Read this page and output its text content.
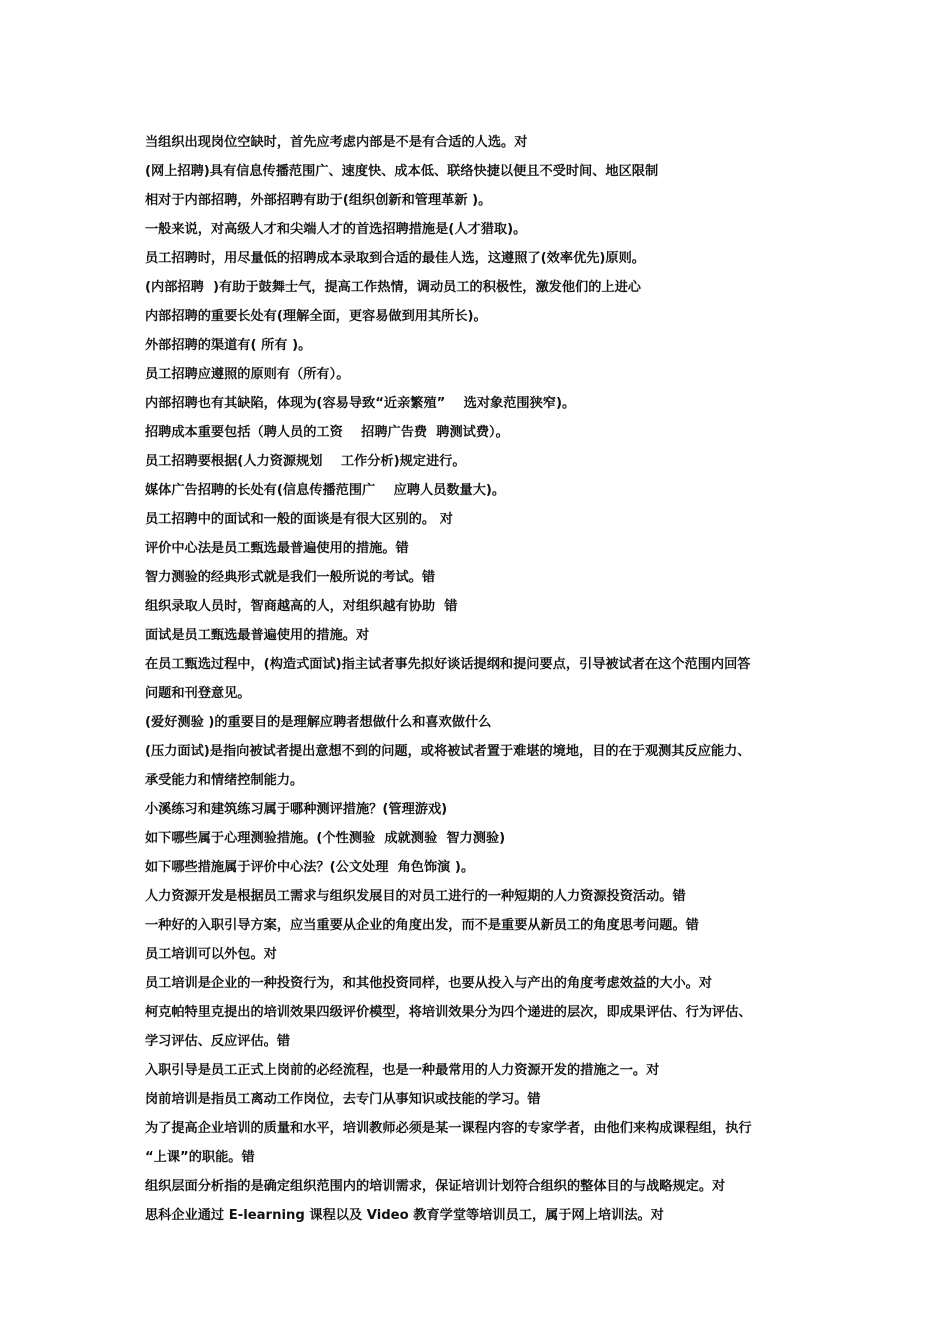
当组织出现岗位空缺时，首先应考虑内部是不是有合适的人选。对
(网上招聘)具有信息传播范围广、速度快、成本低、联络快捷以便且不受时间、地区限制
相对于内部招聘，外部招聘有助于(组织创新和管理革新 )。
一般来说，对高级人才和尖端人才的首选招聘措施是(人才猎取)。
员工招聘时，用尽量低的招聘成本录取到合适的最佳人选，这遵照了(效率优先)原则。
(内部招聘  )有助于鼓舞士气，提高工作热情，调动员工的积极性，激发他们的上进心
内部招聘的重要长处有(理解全面，更容易做到用其所长)。
外部招聘的渠道有( 所有 )。
员工招聘应遵照的原则有（所有）。
内部招聘也有其缺陷，体现为(容易导致“近亲繁殖”    选对象范围狭窄)。
招聘成本重要包括（聘人员的工资    招聘广告费  聘测试费）。
员工招聘要根据(人力资源规划    工作分析)规定进行。
媒体广告招聘的长处有(信息传播范围广    应聘人员数量大)。
员工招聘中的面试和一般的面谈是有很大区别的。 对
评价中心法是员工甄选最普遍使用的措施。错
智力测验的经典形式就是我们一般所说的考试。错
组织录取人员时，智商越高的人，对组织越有协助  错
面试是员工甄选最普遍使用的措施。对
在员工甄选过程中，(构造式面试)指主试者事先拟好谈话提纲和提问要点，引导被试者在这个范围内回答
问题和刊登意见。
(爱好测验 )的重要目的是理解应聘者想做什么和喜欢做什么
(压力面试)是指向被试者提出意想不到的问题，或将被试者置于难堪的境地，目的在于观测其反应能力、
承受能力和情绪控制能力。
小溪练习和建筑练习属于哪种测评措施？(管理游戏)
如下哪些属于心理测验措施。(个性测验  成就测验  智力测验)
如下哪些措施属于评价中心法？(公文处理  角色饰演 )。
人力资源开发是根据员工需求与组织发展目的对员工进行的一种短期的人力资源投资活动。错
一种好的入职引导方案，应当重要从企业的角度出发，而不是重要从新员工的角度思考问题。错
员工培训可以外包。对
员工培训是企业的一种投资行为，和其他投资同样，也要从投入与产出的角度考虑效益的大小。对
柯克帕特里克提出的培训效果四级评价模型，将培训效果分为四个递进的层次，即成果评估、行为评估、
学习评估、反应评估。错
入职引导是员工正式上岗前的必经流程，也是一种最常用的人力资源开发的措施之一。对
岗前培训是指员工离动工作岗位，去专门从事知识或技能的学习。错
为了提高企业培训的质量和水平，培训教师必须是某一课程内容的专家学者，由他们来构成课程组，执行
“上课”的职能。错
组织层面分析指的是确定组织范围内的培训需求，保证培训计划符合组织的整体目的与战略规定。对
思科企业通过 E-learning 课程以及 Video 教育学堂等培训员工，属于网上培训法。对
